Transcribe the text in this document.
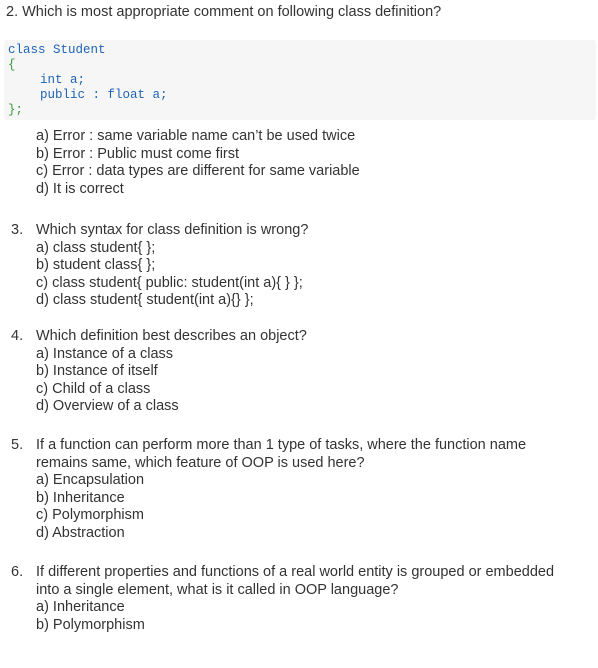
2. Which is most appropriate comment on following class definition?
class Student
{
int a;
public : float a;
};
a) Error : same variable name can’t be used twice
b) Error : Public must come first
c) Error : data types are different for same variable
d) It is correct
3. Which syntax for class definition is wrong?
a) class student{ };
b) student class{ };
c) class student{ public: student(int a){ } };
d) class student{ student(int a){} };
4. Which definition best describes an object?
a) Instance of a class
b) Instance of itself
c) Child of a class
d) Overview of a class
5. If a function can perform more than 1 type of tasks, where the function name
remains same, which feature of OOP is used here?
a) Encapsulation
b) Inheritance
c) Polymorphism
d) Abstraction
6. If different properties and functions of a real world entity is grouped or embedded
into a single element, what is it called in OOP language?
a) Inheritance
b) Polymorphism
